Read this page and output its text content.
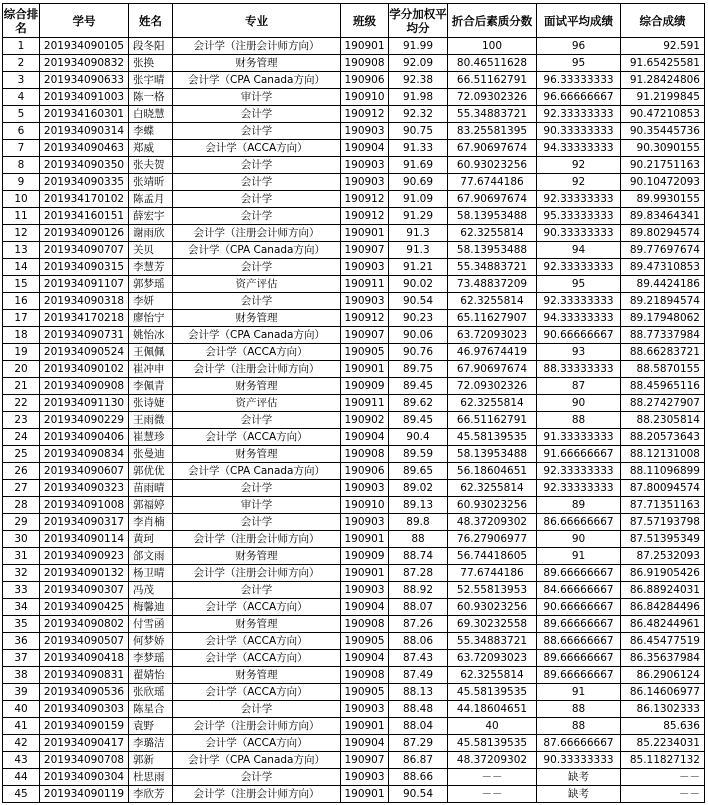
综合排名	学号	姓名	专业	班级	学分加权平均分	折合后素质分数	面试平均成绩	综合成绩
1	201934090105	段冬阳	会计学（注册会计师方向）	190901	91.99	100	96	92.591
2	201934090832	张换	财务管理	190908	92.09	80.46511628	95	91.65425581
3	201934090633	张宇晴	会计学（CPA Canada方向）	190906	92.38	66.51162791	96.33333333	91.28424806
4	201934091003	陈一格	审计学	190910	91.98	72.09302326	96.66666667	91.2199845
5	201934160301	白晓慧	会计学	190912	92.32	55.34883721	92.33333333	90.47210853
6	201934090314	李蝶	会计学	190903	90.75	83.25581395	90.33333333	90.35445736
7	201934090463	郑威	会计学（ACCA方向）	190904	91.33	67.90697674	94.33333333	90.3090155
8	201934090350	张夫贺	会计学	190903	91.69	60.93023256	92	90.21751163
9	201934090335	张靖昕	会计学	190903	90.69	77.6744186	92	90.10472093
10	201934170102	陈孟月	会计学	190912	91.09	67.90697674	92.33333333	89.9930155
11	201934160151	薛宏宇	会计学	190912	91.29	58.13953488	95.33333333	89.83464341
12	201934090126	谢雨欣	会计学（注册会计师方向）	190901	91.3	62.3255814	90.33333333	89.80294574
13	201934090707	关贝	会计学（CPA Canada方向）	190907	91.3	58.13953488	94	89.77697674
14	201934090315	李慧芳	会计学	190903	91.21	55.34883721	92.33333333	89.47310853
15	201934091107	郭梦瑶	资产评估	190911	90.02	73.48837209	95	89.4424186
16	201934090318	李妍	会计学	190903	90.54	62.3255814	92.33333333	89.21894574
17	201934170218	廖怡宁	财务管理	190912	90.23	65.11627907	94.33333333	89.17948062
18	201934090731	姚怡冰	会计学（CPA Canada方向）	190907	90.06	63.72093023	90.66666667	88.77337984
19	201934090524	王佩佩	会计学（ACCA方向）	190905	90.76	46.97674419	93	88.66283721
20	201934090102	崔冲申	会计学（注册会计师方向）	190901	89.75	67.90697674	88.33333333	88.5870155
21	201934090908	李佩青	财务管理	190909	89.45	72.09302326	87	88.45965116
22	201934091130	张诗婕	资产评估	190911	89.62	62.3255814	90	88.27427907
23	201934090229	王雨微	会计学	190902	89.45	66.51162791	88	88.2305814
24	201934090406	崔慧珍	会计学（ACCA方向）	190904	90.4	45.58139535	91.33333333	88.20573643
25	201934090834	张曼迪	财务管理	190908	89.59	58.13953488	91.66666667	88.12131008
26	201934090607	郭优优	会计学（CPA Canada方向）	190906	89.65	56.18604651	92.33333333	88.11096899
27	201934090323	苗雨晴	会计学	190903	89.02	62.3255814	92.33333333	87.80094574
28	201934091008	郭福婷	审计学	190910	89.13	60.93023256	89	87.71351163
29	201934090317	李肖楠	会计学	190903	89.8	48.37209302	86.66666667	87.57193798
30	201934090114	黄珂	会计学（注册会计师方向）	190901	88	76.27906977	90	87.51395349
31	201934090923	郃文雨	财务管理	190909	88.74	56.74418605	91	87.2532093
32	201934090132	杨卫晴	会计学（注册会计师方向）	190901	87.28	77.6744186	89.66666667	86.91905426
33	201934090307	冯茂	会计学	190903	88.92	52.55813953	84.66666667	86.88924031
34	201934090425	梅馨迪	会计学（ACCA方向）	190904	88.07	60.93023256	90.66666667	86.84284496
35	201934090802	付雪函	财务管理	190908	87.26	69.30232558	89.66666667	86.48244961
36	201934090507	何梦娇	会计学（ACCA方向）	190905	88.06	55.34883721	88.66666667	86.45477519
37	201934090418	李梦瑶	会计学（ACCA方向）	190904	87.43	63.72093023	89.66666667	86.35637984
38	201934090831	翟婧怡	财务管理	190908	87.49	62.3255814	89.66666667	86.2906124
39	201934090536	张欣瑶	会计学（ACCA方向）	190905	88.13	45.58139535	91	86.14606977
40	201934090303	陈星合	会计学	190903	88.48	44.18604651	88	86.1302333
41	201934090159	袁野	会计学（注册会计师方向）	190901	88.04	40	88	85.636
42	201934090417	李璐洁	会计学（ACCA方向）	190904	87.29	45.58139535	87.66666667	85.2234031
43	201934090708	郭新	会计学（CPA Canada方向）	190907	86.87	48.37209302	90.33333333	85.11827132
44	201934090304	杜思雨	会计学	190903	88.66	－－	缺考	－－
45	201934090119	李欣芳	会计学（注册会计师方向）	190901	90.54	－－	缺考	－－
